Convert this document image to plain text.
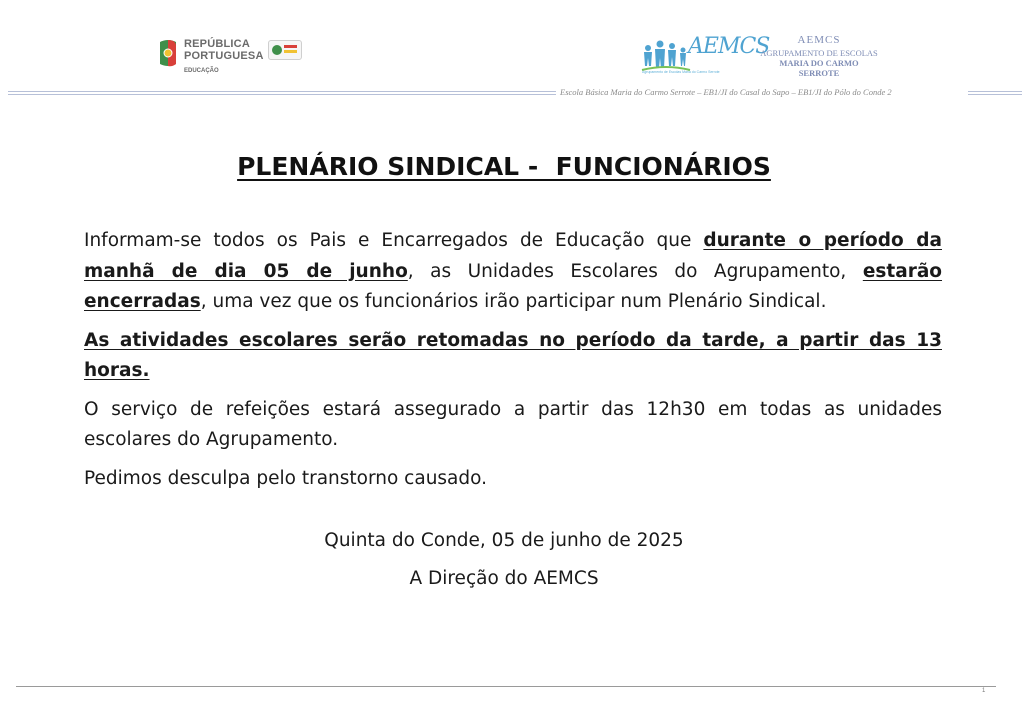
REPÚBLICA
PORTUGUESA
EDUCAÇÃO
AEMCS
Agrupamento de Escolas Maria do Carmo Serrote
AEMCS
AGRUPAMENTO DE ESCOLAS
MARIA DO CARMO
SERROTE
Escola Básica Maria do Carmo Serrote – EB1/JI do Casal do Sapo – EB1/JI do Pólo do Conde 2
PLENÁRIO SINDICAL -  FUNCIONÁRIOS

Informam-se todos os Pais e Encarregados de Educação que durante o período da manhã de dia 05 de junho, as Unidades Escolares do Agrupamento, estarão encerradas, uma vez que os funcionários irão participar num Plenário Sindical.

As atividades escolares serão retomadas no período da tarde, a partir das 13 horas.

O serviço de refeições estará assegurado a partir das 12h30 em todas as unidades escolares do Agrupamento.

Pedimos desculpa pelo transtorno causado.

Quinta do Conde, 05 de junho de 2025
A Direção do AEMCS
1
